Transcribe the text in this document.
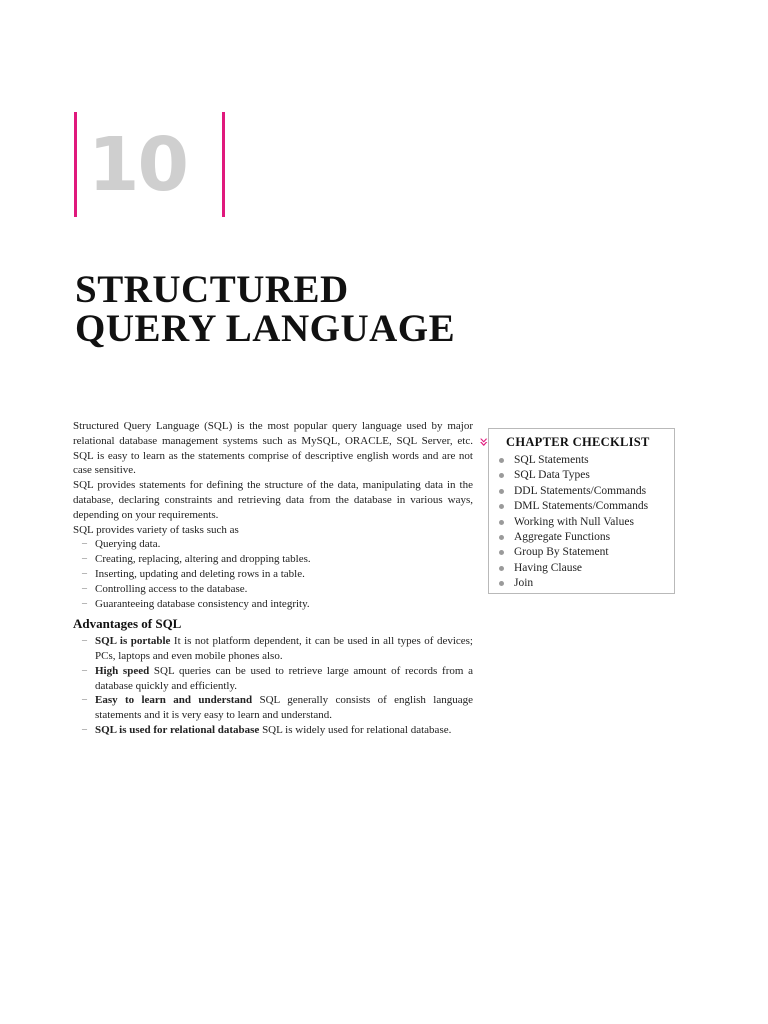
10
STRUCTURED
QUERY LANGUAGE

Structured Query Language (SQL) is the most popular query language used by major relational database management systems such as MySQL, ORACLE, SQL Server, etc. SQL is easy to learn as the statements comprise of descriptive english words and are not case sensitive.

SQL provides statements for defining the structure of the data, manipulating data in the database, declaring constraints and retrieving data from the database in various ways, depending on your requirements.

SQL provides variety of tasks such as

– Querying data.
– Creating, replacing, altering and dropping tables.
– Inserting, updating and deleting rows in a table.
– Controlling access to the database.
– Guaranteeing database consistency and integrity.
Advantages of SQL
– SQL is portable It is not platform dependent, it can be used in all types of devices; PCs, laptops and even mobile phones also.
– High speed SQL queries can be used to retrieve large amount of records from a database quickly and efficiently.
– Easy to learn and understand SQL generally consists of english language statements and it is very easy to learn and understand.
– SQL is used for relational database SQL is widely used for relational database.
» CHAPTER CHECKLIST
SQL Statements
SQL Data Types
DDL Statements/Commands
DML Statements/Commands
Working with Null Values
Aggregate Functions
Group By Statement
Having Clause
Join
